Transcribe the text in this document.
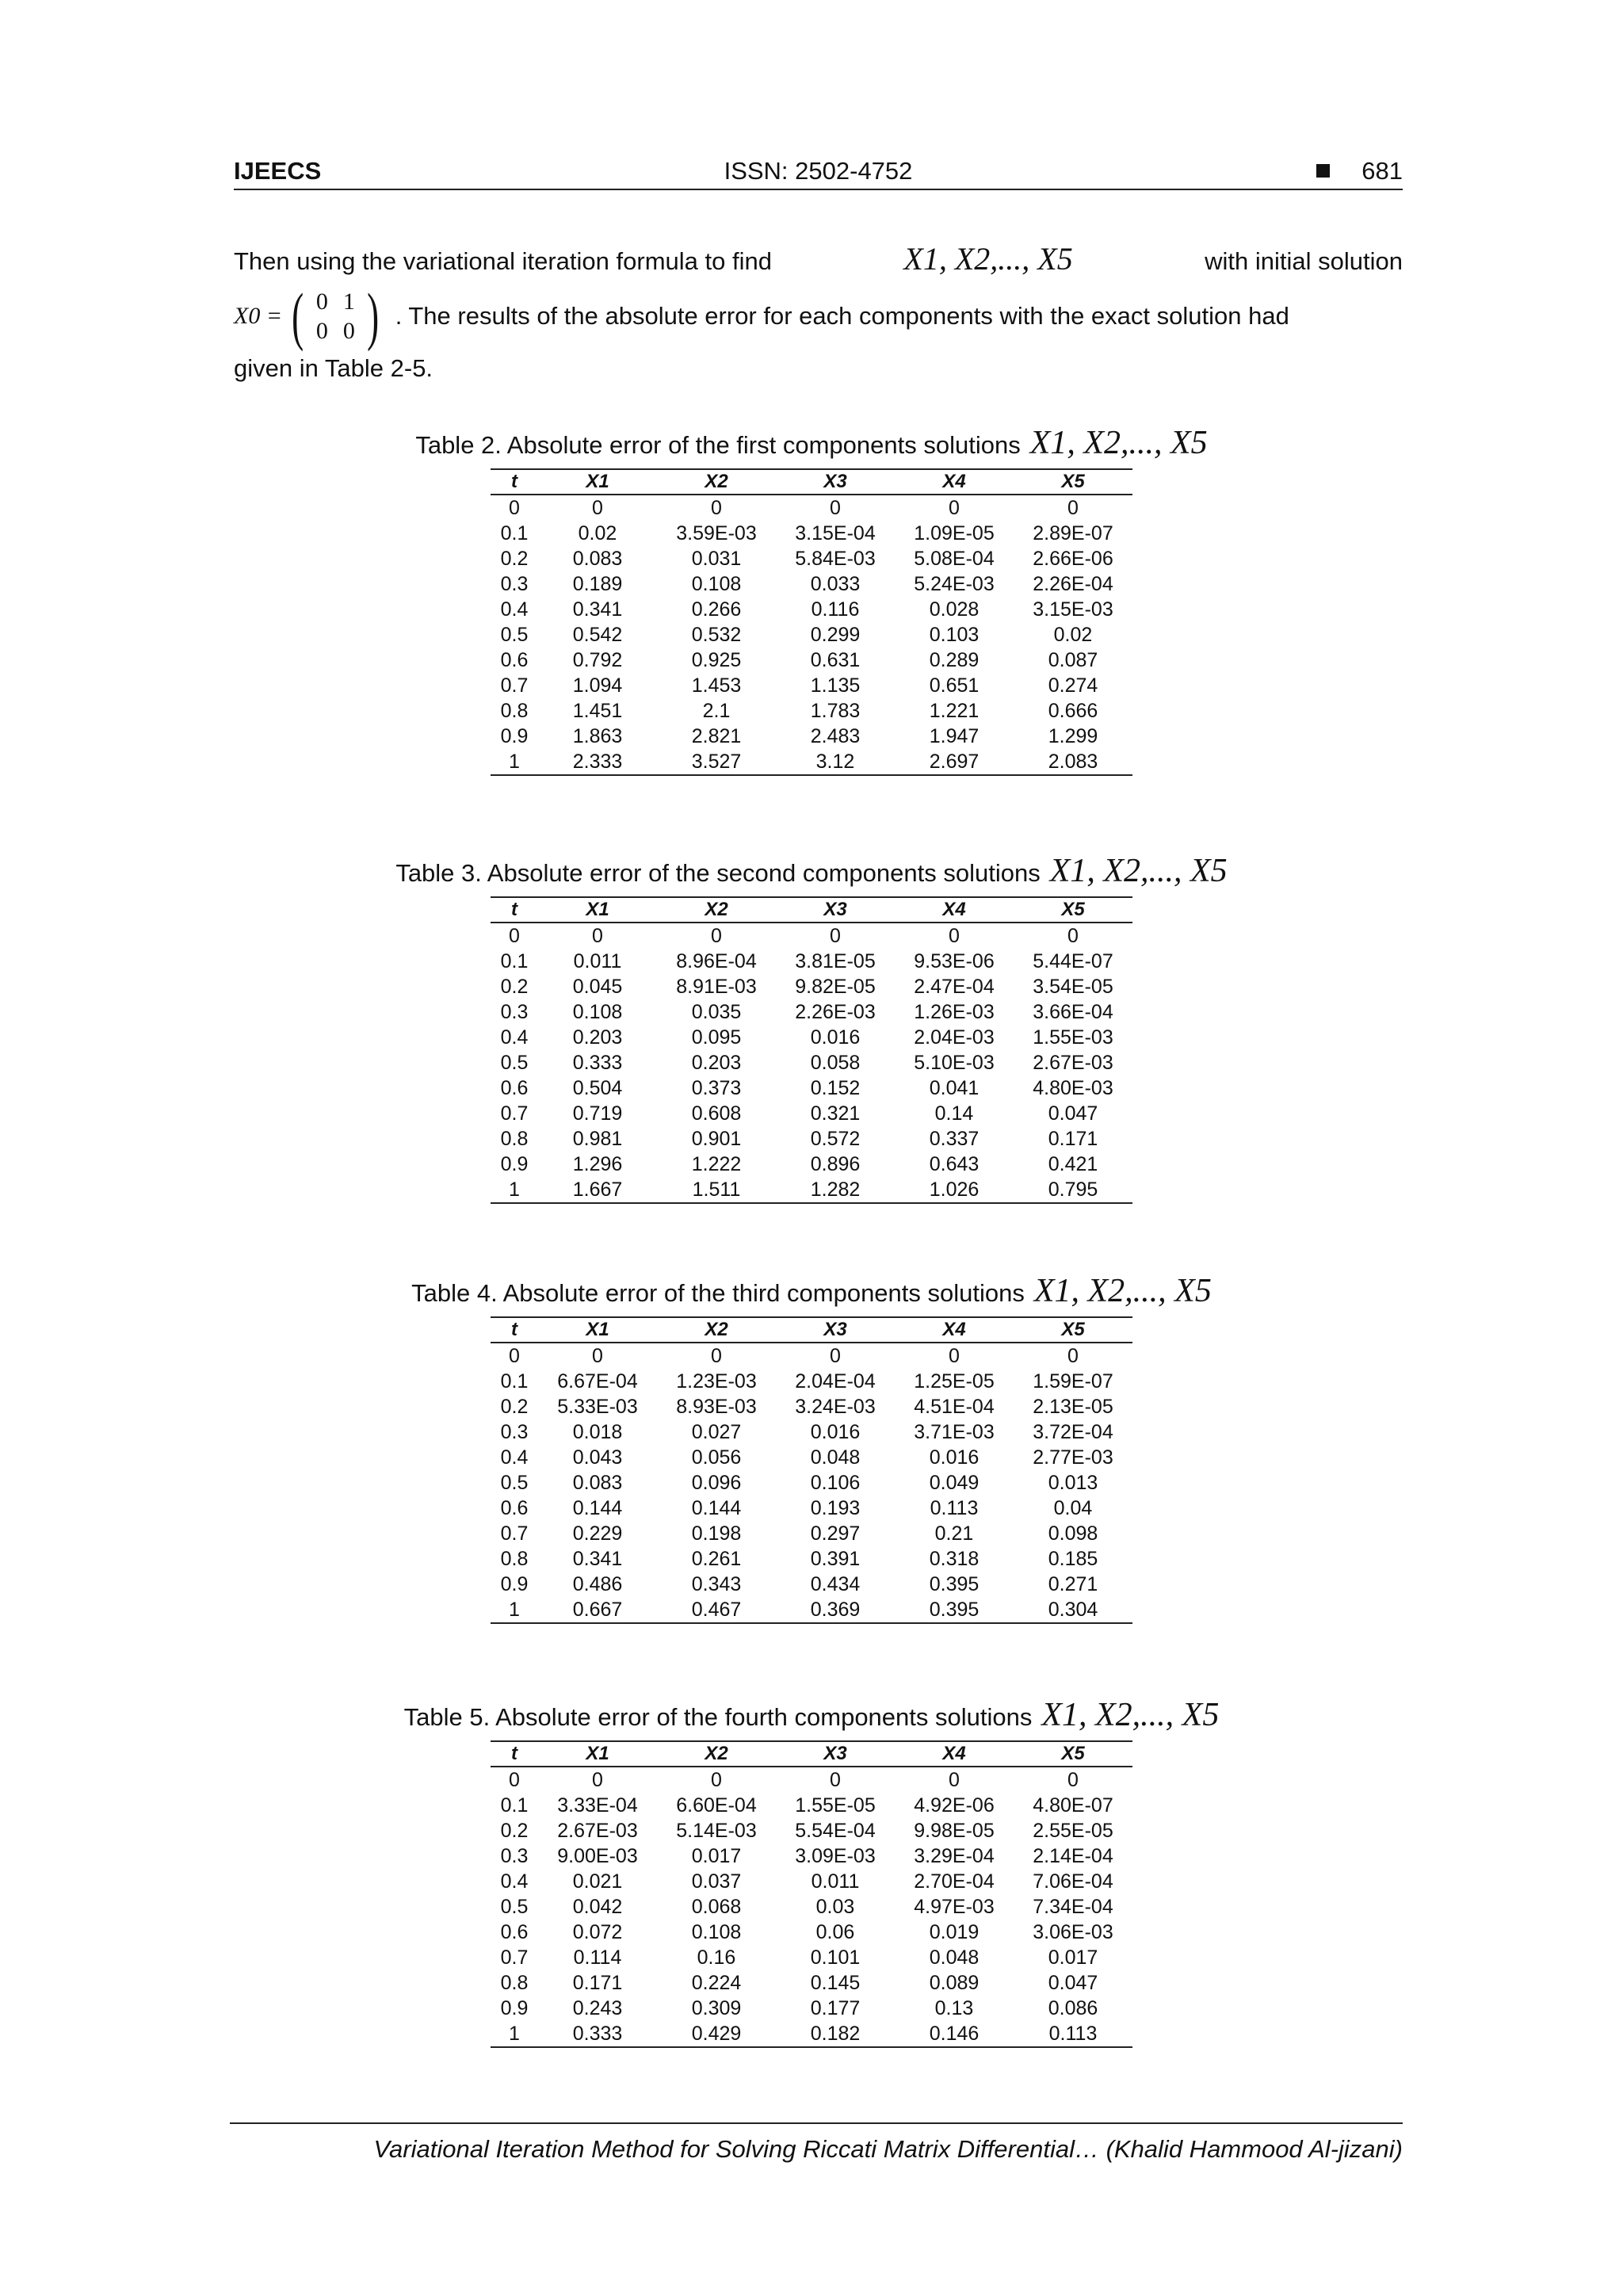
IJEECS	ISSN: 2502-4752	681
Then using the variational iteration formula to find	X1, X2,..., X5	with initial solution
X0 = ( 0 1
0 0 ) . The results of the absolute error for each components with the exact solution had
given in Table 2-5.
Table 2. Absolute error of the first components solutions X1, X2,..., X5
t	X1	X2	X3	X4	X5
0	0	0	0	0	0
0.1	0.02	3.59E-03	3.15E-04	1.09E-05	2.89E-07
0.2	0.083	0.031	5.84E-03	5.08E-04	2.66E-06
0.3	0.189	0.108	0.033	5.24E-03	2.26E-04
0.4	0.341	0.266	0.116	0.028	3.15E-03
0.5	0.542	0.532	0.299	0.103	0.02
0.6	0.792	0.925	0.631	0.289	0.087
0.7	1.094	1.453	1.135	0.651	0.274
0.8	1.451	2.1	1.783	1.221	0.666
0.9	1.863	2.821	2.483	1.947	1.299
1	2.333	3.527	3.12	2.697	2.083
Table 3. Absolute error of the second components solutions X1, X2,..., X5
t	X1	X2	X3	X4	X5
0	0	0	0	0	0
0.1	0.011	8.96E-04	3.81E-05	9.53E-06	5.44E-07
0.2	0.045	8.91E-03	9.82E-05	2.47E-04	3.54E-05
0.3	0.108	0.035	2.26E-03	1.26E-03	3.66E-04
0.4	0.203	0.095	0.016	2.04E-03	1.55E-03
0.5	0.333	0.203	0.058	5.10E-03	2.67E-03
0.6	0.504	0.373	0.152	0.041	4.80E-03
0.7	0.719	0.608	0.321	0.14	0.047
0.8	0.981	0.901	0.572	0.337	0.171
0.9	1.296	1.222	0.896	0.643	0.421
1	1.667	1.511	1.282	1.026	0.795
Table 4. Absolute error of the third components solutions X1, X2,..., X5
t	X1	X2	X3	X4	X5
0	0	0	0	0	0
0.1	6.67E-04	1.23E-03	2.04E-04	1.25E-05	1.59E-07
0.2	5.33E-03	8.93E-03	3.24E-03	4.51E-04	2.13E-05
0.3	0.018	0.027	0.016	3.71E-03	3.72E-04
0.4	0.043	0.056	0.048	0.016	2.77E-03
0.5	0.083	0.096	0.106	0.049	0.013
0.6	0.144	0.144	0.193	0.113	0.04
0.7	0.229	0.198	0.297	0.21	0.098
0.8	0.341	0.261	0.391	0.318	0.185
0.9	0.486	0.343	0.434	0.395	0.271
1	0.667	0.467	0.369	0.395	0.304
Table 5. Absolute error of the fourth components solutions X1, X2,..., X5
t	X1	X2	X3	X4	X5
0	0	0	0	0	0
0.1	3.33E-04	6.60E-04	1.55E-05	4.92E-06	4.80E-07
0.2	2.67E-03	5.14E-03	5.54E-04	9.98E-05	2.55E-05
0.3	9.00E-03	0.017	3.09E-03	3.29E-04	2.14E-04
0.4	0.021	0.037	0.011	2.70E-04	7.06E-04
0.5	0.042	0.068	0.03	4.97E-03	7.34E-04
0.6	0.072	0.108	0.06	0.019	3.06E-03
0.7	0.114	0.16	0.101	0.048	0.017
0.8	0.171	0.224	0.145	0.089	0.047
0.9	0.243	0.309	0.177	0.13	0.086
1	0.333	0.429	0.182	0.146	0.113
Variational Iteration Method for Solving Riccati Matrix Differential… (Khalid Hammood Al-jizani)
